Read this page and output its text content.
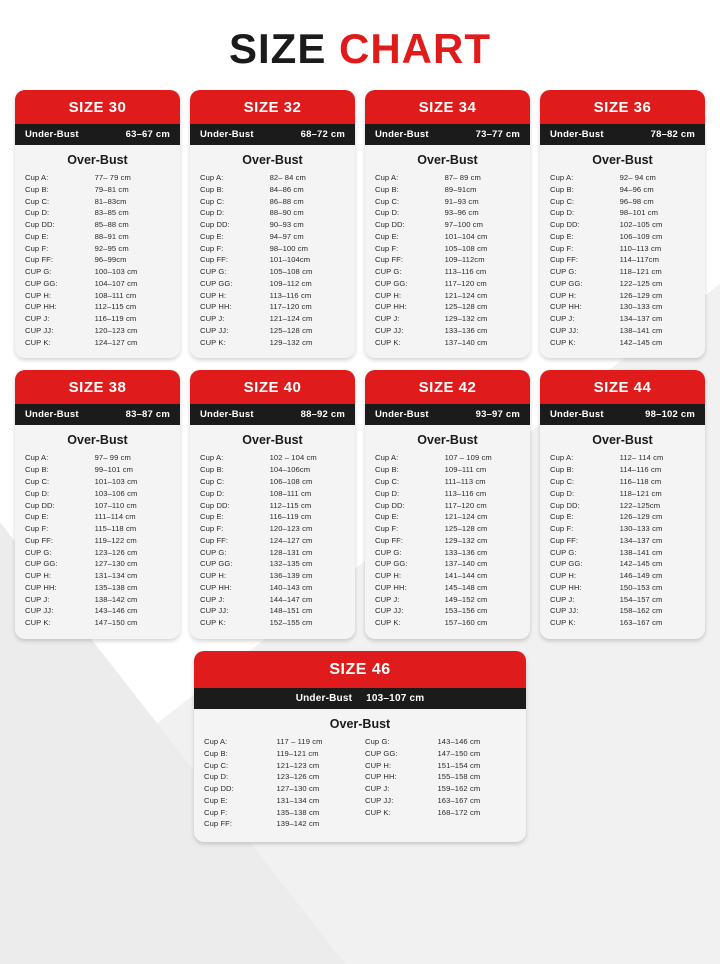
SIZE CHART
SIZE 30
Under-Bust	63–67 cm
Over-Bust
Cup A:	77– 79 cm
Cup B:	79–81 cm
Cup C:	81–83cm
Cup D:	83–85 cm
Cup DD:	85–88 cm
Cup E:	88–91 cm
Cup F:	92–95 cm
Cup FF:	96–99cm
CUP G:	100–103 cm
CUP GG:	104–107 cm
CUP H:	108–111 cm
CUP HH:	112–115 cm
CUP J:	116–119 cm
CUP JJ:	120–123 cm
CUP K:	124–127 cm
SIZE 32
Under-Bust	68–72 cm
Over-Bust
Cup A:	82– 84 cm
Cup B:	84–86 cm
Cup C:	86–88 cm
Cup D:	88–90 cm
Cup DD:	90–93 cm
Cup E:	94–97 cm
Cup F:	98–100 cm
Cup FF:	101–104cm
CUP G:	105–108 cm
CUP GG:	109–112 cm
CUP H:	113–116 cm
CUP HH:	117–120 cm
CUP J:	121–124 cm
CUP JJ:	125–128 cm
CUP K:	129–132 cm
SIZE 34
Under-Bust	73–77 cm
Over-Bust
Cup A:	87– 89 cm
Cup B:	89–91cm
Cup C:	91–93 cm
Cup D:	93–96 cm
Cup DD:	97–100 cm
Cup E:	101–104 cm
Cup F:	105–108 cm
Cup FF:	109–112cm
CUP G:	113–116 cm
CUP GG:	117–120 cm
CUP H:	121–124 cm
CUP HH:	125–128 cm
CUP J:	129–132 cm
CUP JJ:	133–136 cm
CUP K:	137–140 cm
SIZE 36
Under-Bust	78–82 cm
Over-Bust
Cup A:	92– 94 cm
Cup B:	94–96 cm
Cup C:	96–98 cm
Cup D:	98–101 cm
Cup DD:	102–105 cm
Cup E:	106–109 cm
Cup F:	110–113 cm
Cup FF:	114–117cm
CUP G:	118–121 cm
CUP GG:	122–125 cm
CUP H:	126–129 cm
CUP HH:	130–133 cm
CUP J:	134–137 cm
CUP JJ:	138–141 cm
CUP K:	142–145 cm
SIZE 38
Under-Bust	83–87 cm
Over-Bust
Cup A:	97– 99 cm
Cup B:	99–101 cm
Cup C:	101–103 cm
Cup D:	103–106 cm
Cup DD:	107–110 cm
Cup E:	111–114 cm
Cup F:	115–118 cm
Cup FF:	119–122 cm
CUP G:	123–126 cm
CUP GG:	127–130 cm
CUP H:	131–134 cm
CUP HH:	135–138 cm
CUP J:	138–142 cm
CUP JJ:	143–146 cm
CUP K:	147–150 cm
SIZE 40
Under-Bust	88–92 cm
Over-Bust
Cup A:	102 – 104 cm
Cup B:	104–106cm
Cup C:	106–108 cm
Cup D:	108–111 cm
Cup DD:	112–115 cm
Cup E:	116–119 cm
Cup F:	120–123 cm
Cup FF:	124–127 cm
CUP G:	128–131 cm
CUP GG:	132–135 cm
CUP H:	136–139 cm
CUP HH:	140–143 cm
CUP J:	144–147 cm
CUP JJ:	148–151 cm
CUP K:	152–155 cm
SIZE 42
Under-Bust	93–97 cm
Over-Bust
Cup A:	107 – 109 cm
Cup B:	109–111 cm
Cup C:	111–113 cm
Cup D:	113–116 cm
Cup DD:	117–120 cm
Cup E:	121–124 cm
Cup F:	125–128 cm
Cup FF:	129–132 cm
CUP G:	133–136 cm
CUP GG:	137–140 cm
CUP H:	141–144 cm
CUP HH:	145–148 cm
CUP J:	149–152 cm
CUP JJ:	153–156 cm
CUP K:	157–160 cm
SIZE 44
Under-Bust	98–102 cm
Over-Bust
Cup A:	112– 114 cm
Cup B:	114–116 cm
Cup C:	116–118 cm
Cup D:	118–121 cm
Cup DD:	122–125cm
Cup E:	126–129 cm
Cup F:	130–133 cm
Cup FF:	134–137 cm
CUP G:	138–141 cm
CUP GG:	142–145 cm
CUP H:	146–149 cm
CUP HH:	150–153 cm
CUP J:	154–157 cm
CUP JJ:	158–162 cm
CUP K:	163–167 cm
SIZE 46
Under-Bust 103–107 cm
Over-Bust
Cup A:	117 – 119 cm
Cup B:	119–121 cm
Cup C:	121–123 cm
Cup D:	123–126 cm
Cup DD:	127–130 cm
Cup E:	131–134 cm
Cup F:	135–138 cm
Cup FF:	139–142 cm
Cup G:	143–146 cm
CUP GG:	147–150 cm
CUP H:	151–154 cm
CUP HH:	155–158 cm
CUP J:	159–162 cm
CUP JJ:	163–167 cm
CUP K:	168–172 cm
